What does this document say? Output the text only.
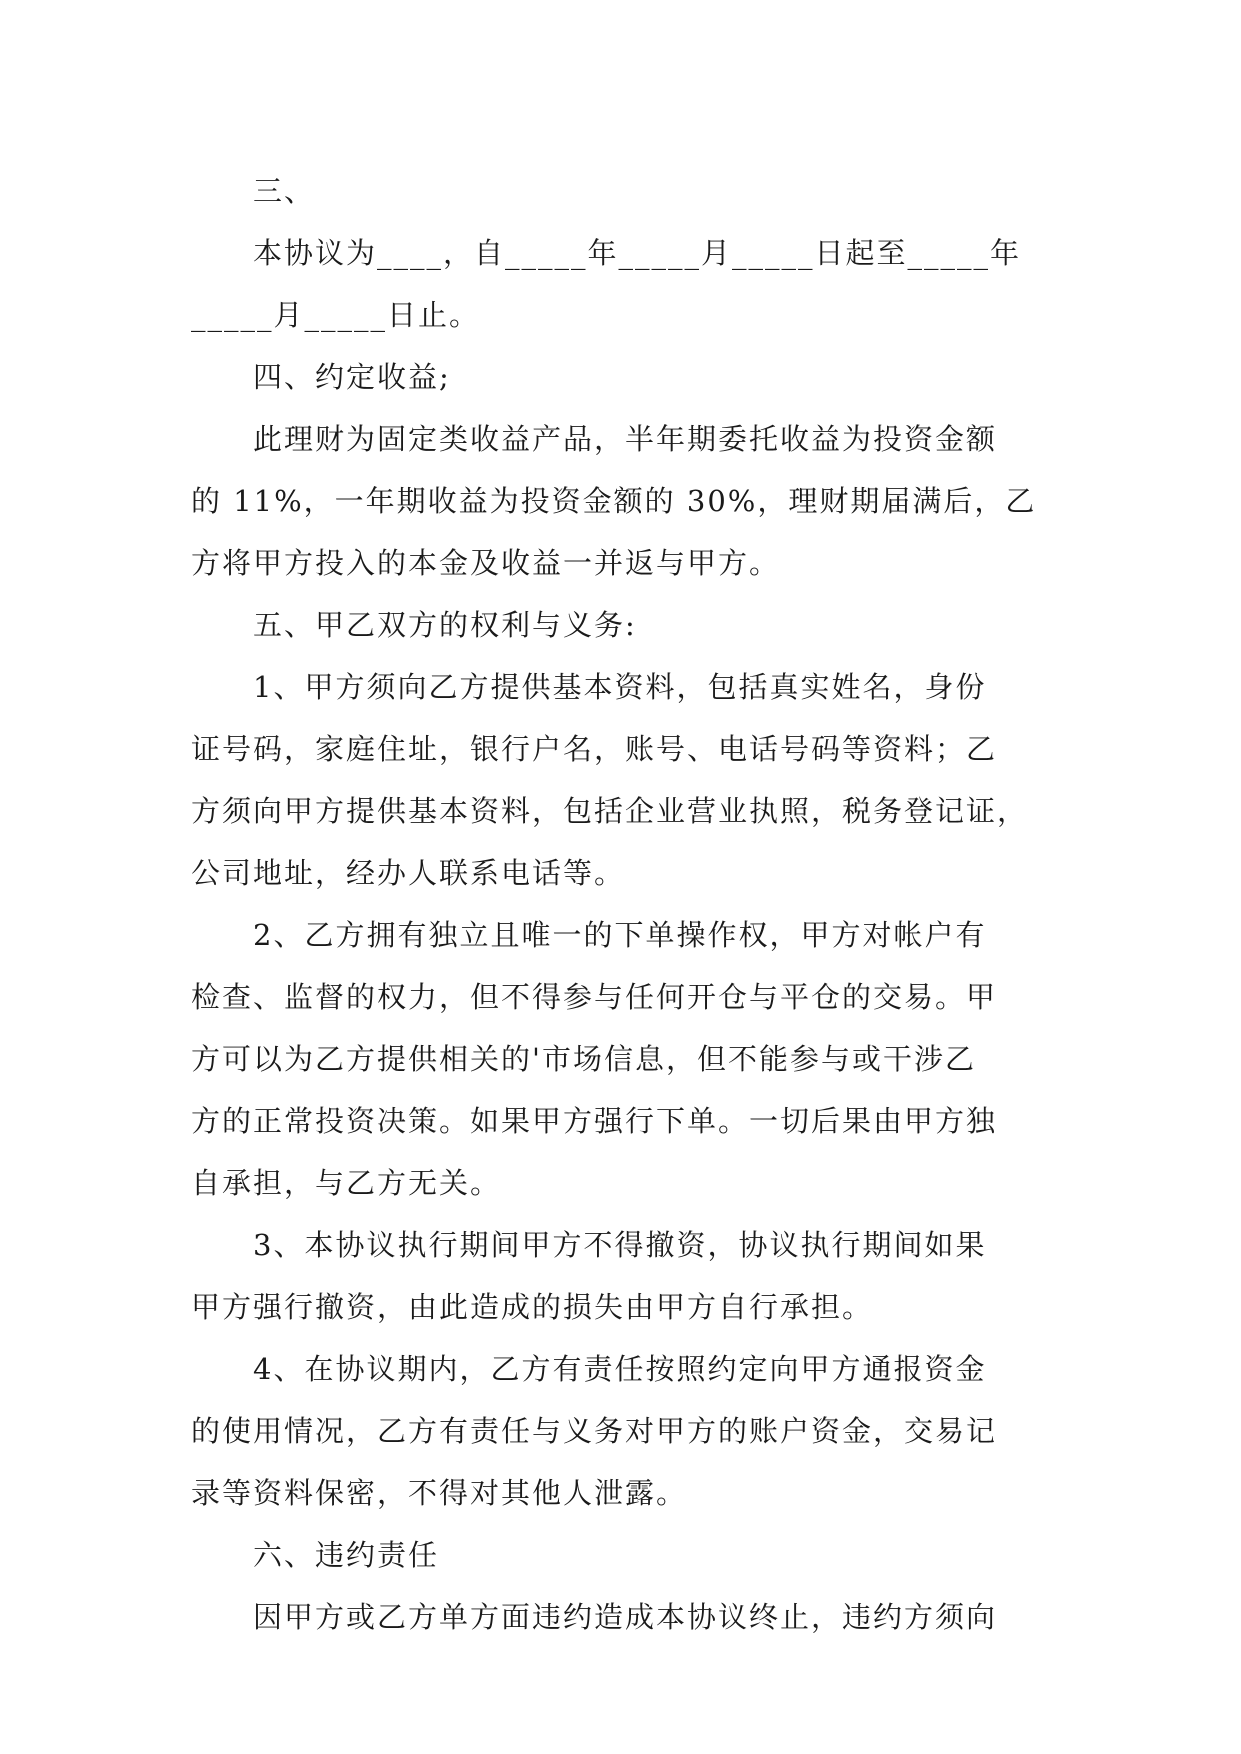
三、

本协议为____，自_____年_____月_____日起至_____年
_____月_____日止。

四、约定收益;

此理财为固定类收益产品，半年期委托收益为投资金额
的 11%，一年期收益为投资金额的 30%，理财期届满后，乙
方将甲方投入的本金及收益一并返与甲方。

五、甲乙双方的权利与义务:

1、甲方须向乙方提供基本资料，包括真实姓名，身份
证号码，家庭住址，银行户名，账号、电话号码等资料；乙
方须向甲方提供基本资料，包括企业营业执照，税务登记证，
公司地址，经办人联系电话等。

2、乙方拥有独立且唯一的下单操作权，甲方对帐户有
检查、监督的权力，但不得参与任何开仓与平仓的交易。甲
方可以为乙方提供相关的'市场信息，但不能参与或干涉乙
方的正常投资决策。如果甲方强行下单。一切后果由甲方独
自承担，与乙方无关。

3、本协议执行期间甲方不得撤资，协议执行期间如果
甲方强行撤资，由此造成的损失由甲方自行承担。

4、在协议期内，乙方有责任按照约定向甲方通报资金
的使用情况，乙方有责任与义务对甲方的账户资金，交易记
录等资料保密，不得对其他人泄露。

六、违约责任

因甲方或乙方单方面违约造成本协议终止，违约方须向
